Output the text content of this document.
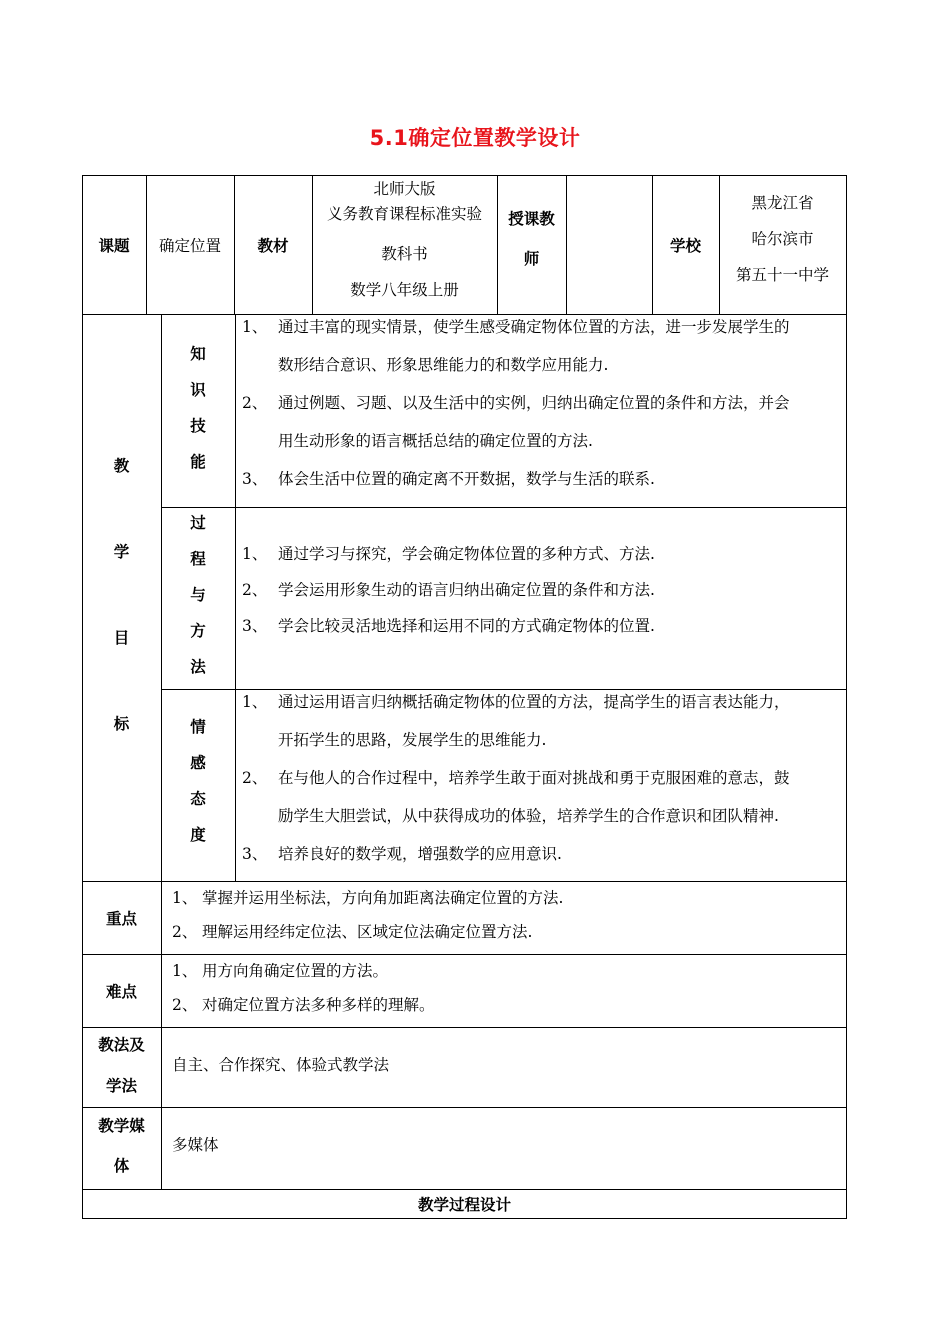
5.1确定位置教学设计
课题	确定位置	教材
北师大版
义务教育课程标准实验
教科书
数学八年级上册
授课教
师
学校
黑龙江省
哈尔滨市
第五十一中学
教
学
目
标
知
识
技
能
1、 通过丰富的现实情景，使学生感受确定物体位置的方法，进一步发展学生的
数形结合意识、形象思维能力的和数学应用能力.
2、 通过例题、习题、以及生活中的实例，归纳出确定位置的条件和方法，并会
用生动形象的语言概括总结的确定位置的方法.
3、 体会生活中位置的确定离不开数据，数学与生活的联系.
过
程
与
方
法
1、 通过学习与探究，学会确定物体位置的多种方式、方法.
2、 学会运用形象生动的语言归纳出确定位置的条件和方法.
3、 学会比较灵活地选择和运用不同的方式确定物体的位置.
情
感
态
度
1、 通过运用语言归纳概括确定物体的位置的方法，提高学生的语言表达能力，
开拓学生的思路，发展学生的思维能力.
2、 在与他人的合作过程中，培养学生敢于面对挑战和勇于克服困难的意志，鼓
励学生大胆尝试，从中获得成功的体验，培养学生的合作意识和团队精神.
3、 培养良好的数学观，增强数学的应用意识.
重点
1、 掌握并运用坐标法，方向角加距离法确定位置的方法.
2、 理解运用经纬定位法、区域定位法确定位置方法.
难点
1、 用方向角确定位置的方法。
2、 对确定位置方法多种多样的理解。
教法及
学法
自主、合作探究、体验式教学法
教学媒
体
多媒体
教学过程设计
